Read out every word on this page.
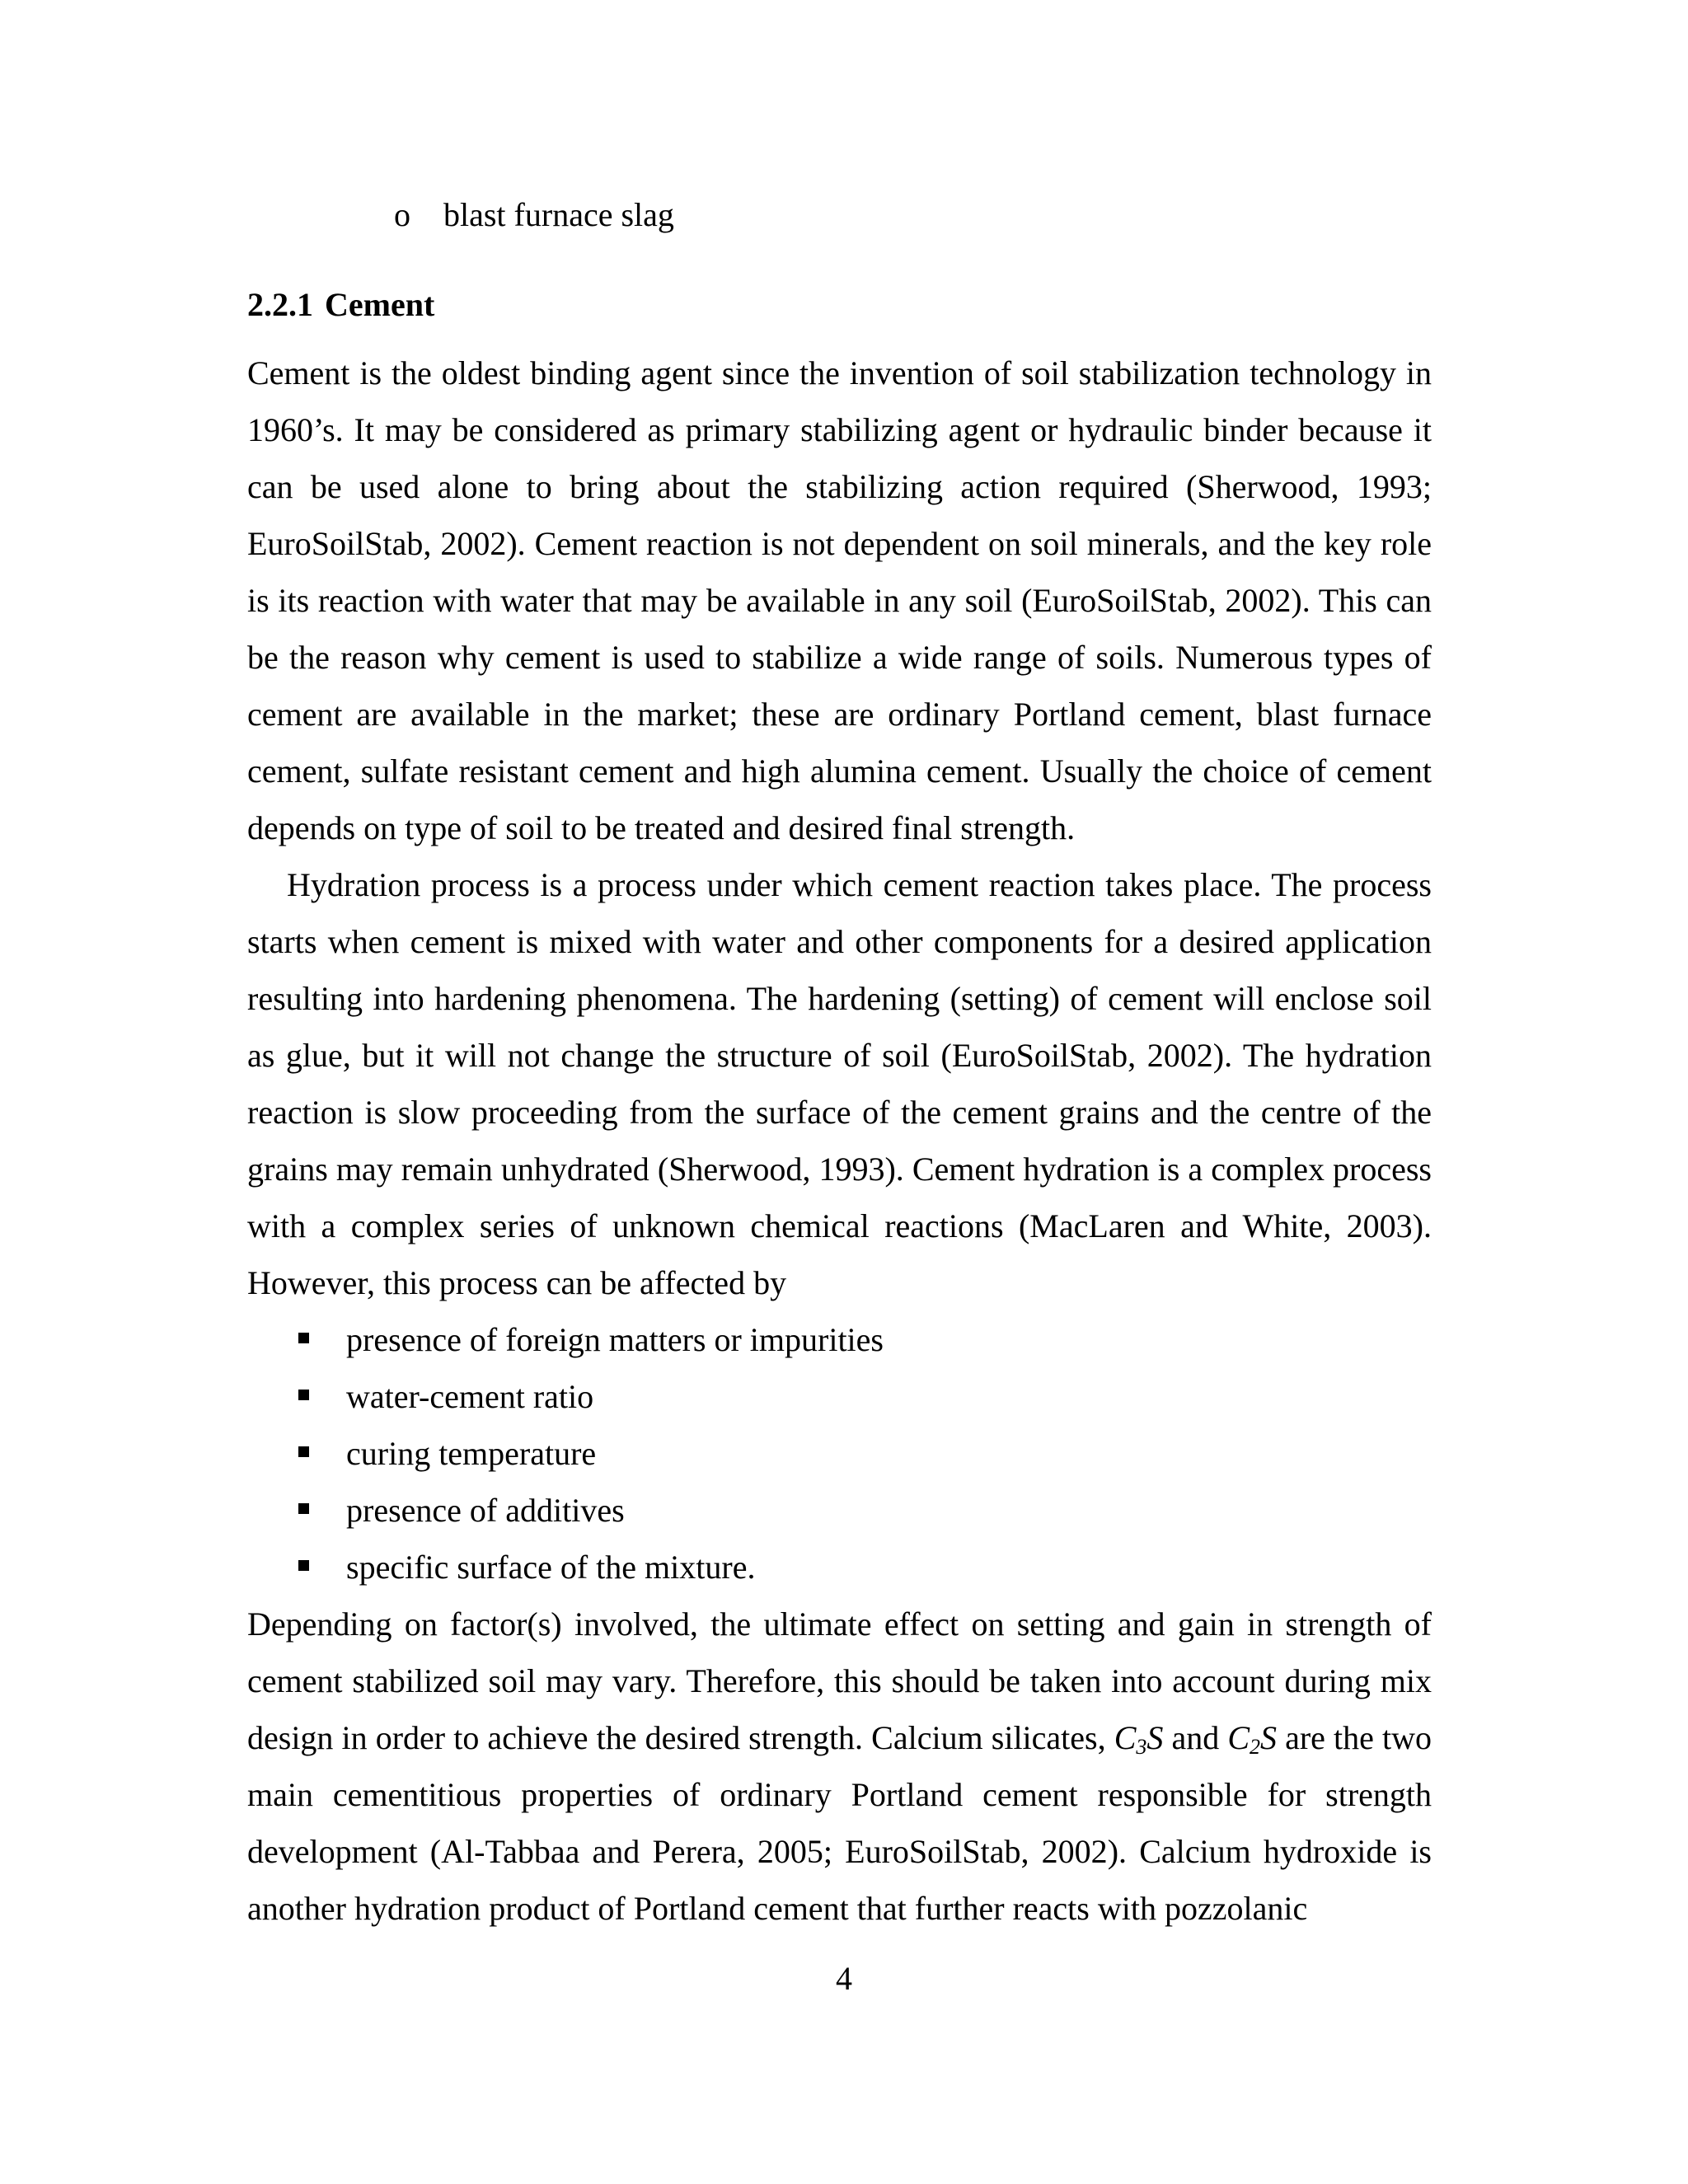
o blast furnace slag
2.2.1 Cement

Cement is the oldest binding agent since the invention of soil stabilization technology in 1960’s. It may be considered as primary stabilizing agent or hydraulic binder because it can be used alone to bring about the stabilizing action required (Sherwood, 1993; EuroSoilStab, 2002). Cement reaction is not dependent on soil minerals, and the key role is its reaction with water that may be available in any soil (EuroSoilStab, 2002). This can be the reason why cement is used to stabilize a wide range of soils. Numerous types of cement are available in the market; these are ordinary Portland cement, blast furnace cement, sulfate resistant cement and high alumina cement. Usually the choice of cement depends on type of soil to be treated and desired final strength.

Hydration process is a process under which cement reaction takes place. The process starts when cement is mixed with water and other components for a desired application resulting into hardening phenomena. The hardening (setting) of cement will enclose soil as glue, but it will not change the structure of soil (EuroSoilStab, 2002). The hydration reaction is slow proceeding from the surface of the cement grains and the centre of the grains may remain unhydrated (Sherwood, 1993). Cement hydration is a complex process with a complex series of unknown chemical reactions (MacLaren and White, 2003). However, this process can be affected by

presence of foreign matters or impurities
water-cement ratio
curing temperature
presence of additives
specific surface of the mixture.

Depending on factor(s) involved, the ultimate effect on setting and gain in strength of cement stabilized soil may vary. Therefore, this should be taken into account during mix design in order to achieve the desired strength. Calcium silicates, $C_3S$ and $C_2S$ are the two main cementitious properties of ordinary Portland cement responsible for strength development (Al-Tabbaa and Perera, 2005; EuroSoilStab, 2002). Calcium hydroxide is another hydration product of Portland cement that further reacts with pozzolanic

4
